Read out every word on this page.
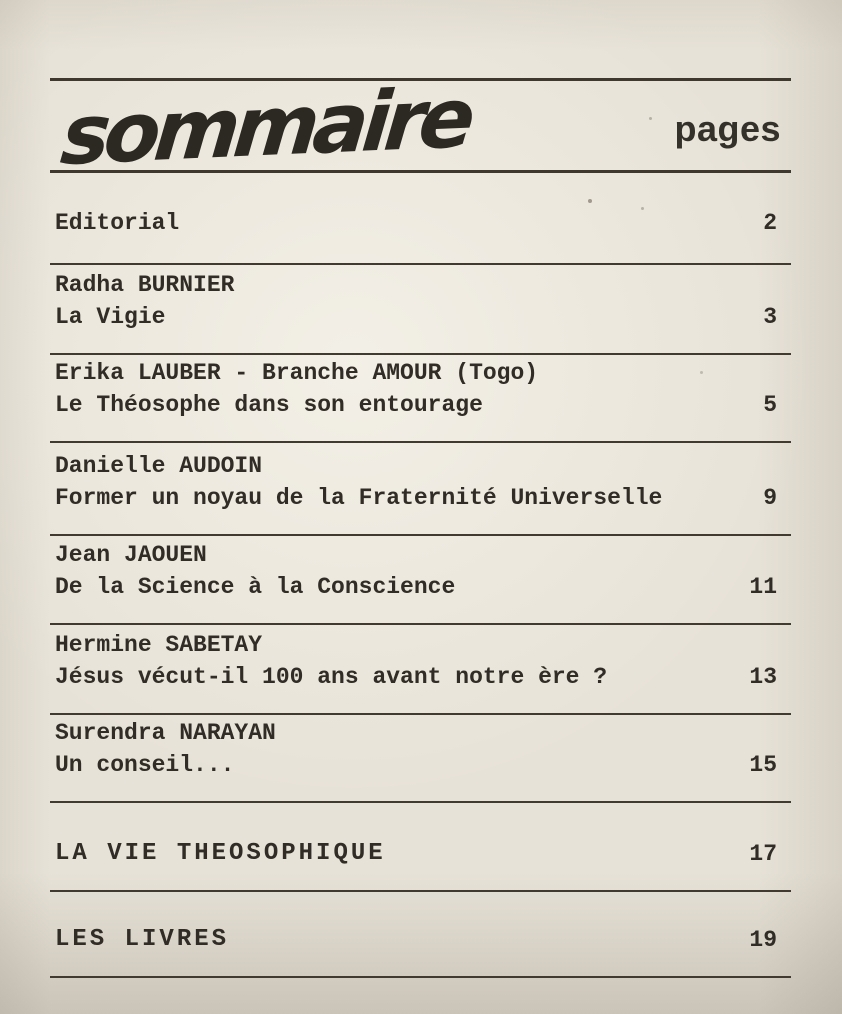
sommaire	pages
Editorial	2
Radha BURNIER
La Vigie	3
Erika LAUBER - Branche AMOUR (Togo)
Le Théosophe dans son entourage	5
Danielle AUDOIN
Former un noyau de la Fraternité Universelle	9
Jean JAOUEN
De la Science à la Conscience	11
Hermine SABETAY
Jésus vécut-il 100 ans avant notre ère ?	13
Surendra NARAYAN
Un conseil...	15
LA VIE THEOSOPHIQUE	17
LES LIVRES	19
